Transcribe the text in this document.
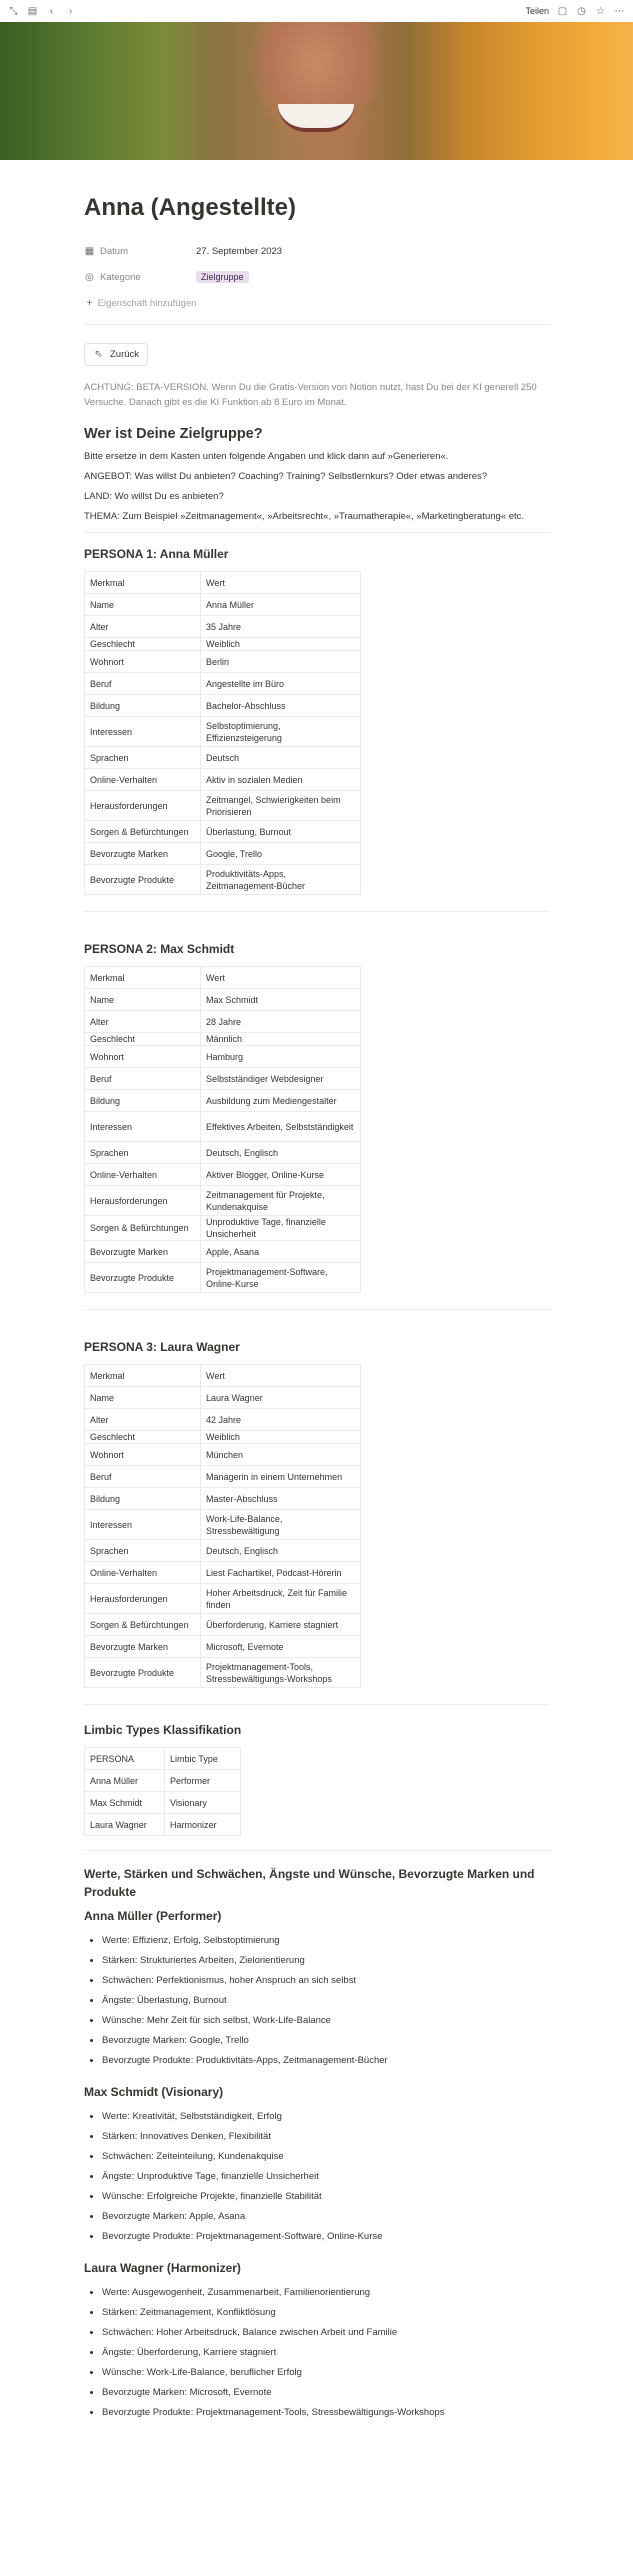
⤡ ▤	‹	›	Teilen ▢ ◷ ☆ ⋯
Anna (Angestellte)
▦ Datum	27. September 2023
◎ Kategorie	Zielgruppe
+
Eigenschaft hinzufügen
⇖ Zurück
ACHTUNG: BETA-VERSION. Wenn Du die Gratis-Version von Notion nutzt, hast Du bei der KI generell 250 Versuche. Danach gibt es die KI Funktion ab 8 Euro im Monat.
Wer ist Deine Zielgruppe?
Bitte ersetze in dem Kasten unten folgende Angaben und klick dann auf »Generieren«.
ANGEBOT: Was willst Du anbieten? Coaching? Training? Selbstlernkurs? Oder etwas anderes?
LAND: Wo willst Du es anbieten?
THEMA: Zum Beispiel »Zeitmanagement«, »Arbeitsrecht«, »Traumatherapie«, »Marketingberatung« etc.
PERSONA 1: Anna Müller
Merkmal	Wert
Name	Anna Müller
Alter	35 Jahre
Geschlecht	Weiblich
Wohnort	Berlin
Beruf	Angestellte im Büro
Bildung	Bachelor-Abschluss
Interessen	Selbstoptimierung, Effizienzsteigerung
Sprachen	Deutsch
Online-Verhalten	Aktiv in sozialen Medien
Herausforderungen	Zeitmangel, Schwierigkeiten beim Priorisieren
Sorgen & Befürchtungen	Überlastung, Burnout
Bevorzugte Marken	Google, Trello
Bevorzugte Produkte	Produktivitäts-Apps, Zeitmanagement-Bücher
PERSONA 2: Max Schmidt
Merkmal	Wert
Name	Max Schmidt
Alter	28 Jahre
Geschlecht	Männlich
Wohnort	Hamburg
Beruf	Selbstständiger Webdesigner
Bildung	Ausbildung zum Mediengestalter
Interessen	Effektives Arbeiten, Selbstständigkeit
Sprachen	Deutsch, Englisch
Online-Verhalten	Aktiver Blogger, Online-Kurse
Herausforderungen	Zeitmanagement für Projekte, Kundenakquise
Sorgen & Befürchtungen	Unproduktive Tage, finanzielle Unsicherheit
Bevorzugte Marken	Apple, Asana
Bevorzugte Produkte	Projektmanagement-Software, Online-Kurse
PERSONA 3: Laura Wagner
Merkmal	Wert
Name	Laura Wagner
Alter	42 Jahre
Geschlecht	Weiblich
Wohnort	München
Beruf	Managerin in einem Unternehmen
Bildung	Master-Abschluss
Interessen	Work-Life-Balance, Stressbewältigung
Sprachen	Deutsch, Englisch
Online-Verhalten	Liest Fachartikel, Podcast-Hörerin
Herausforderungen	Hoher Arbeitsdruck, Zeit für Familie finden
Sorgen & Befürchtungen	Überforderung, Karriere stagniert
Bevorzugte Marken	Microsoft, Evernote
Bevorzugte Produkte	Projektmanagement-Tools, Stressbewältigungs-Workshops
Limbic Types Klassifikation
PERSONA	Limbic Type
Anna Müller	Performer
Max Schmidt	Visionary
Laura Wagner	Harmonizer
Werte, Stärken und Schwächen, Ängste und Wünsche, Bevorzugte Marken und Produkte
Anna Müller (Performer)
• Werte: Effizienz, Erfolg, Selbstoptimierung
• Stärken: Strukturiertes Arbeiten, Zielorientierung
• Schwächen: Perfektionismus, hoher Anspruch an sich selbst
• Ängste: Überlastung, Burnout
• Wünsche: Mehr Zeit für sich selbst, Work-Life-Balance
• Bevorzugte Marken: Google, Trello
• Bevorzugte Produkte: Produktivitäts-Apps, Zeitmanagement-Bücher
Max Schmidt (Visionary)
• Werte: Kreativität, Selbstständigkeit, Erfolg
• Stärken: Innovatives Denken, Flexibilität
• Schwächen: Zeiteinteilung, Kundenakquise
• Ängste: Unproduktive Tage, finanzielle Unsicherheit
• Wünsche: Erfolgreiche Projekte, finanzielle Stabilität
• Bevorzugte Marken: Apple, Asana
• Bevorzugte Produkte: Projektmanagement-Software, Online-Kurse
Laura Wagner (Harmonizer)
• Werte: Ausgewogenheit, Zusammenarbeit, Familienorientierung
• Stärken: Zeitmanagement, Konfliktlösung
• Schwächen: Hoher Arbeitsdruck, Balance zwischen Arbeit und Familie
• Ängste: Überforderung, Karriere stagniert
• Wünsche: Work-Life-Balance, beruflicher Erfolg
• Bevorzugte Marken: Microsoft, Evernote
• Bevorzugte Produkte: Projektmanagement-Tools, Stressbewältigungs-Workshops
